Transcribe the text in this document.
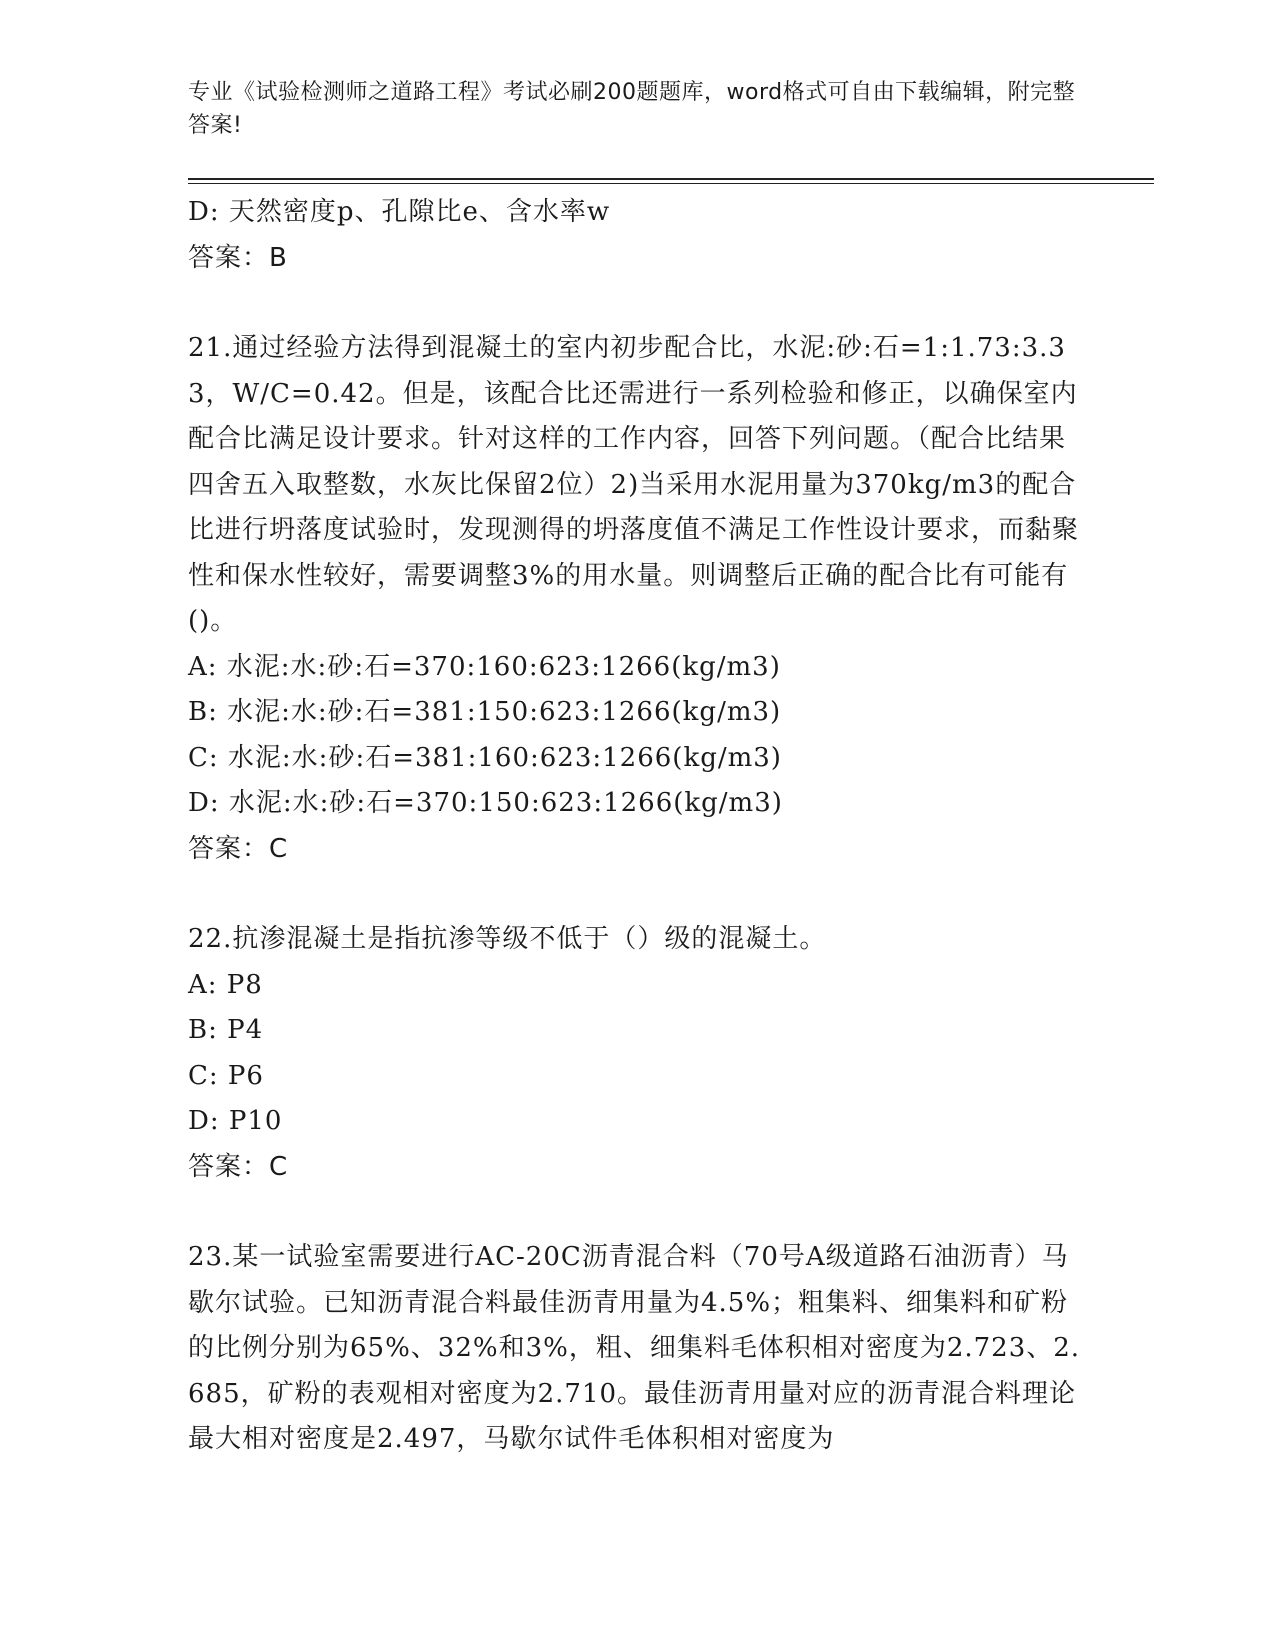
专业《试验检测师之道路工程》考试必刷200题题库，word格式可自由下载编辑，附完整答案!

D: 天然密度p、孔隙比e、含水率w

答案：B

21.通过经验方法得到混凝土的室内初步配合比，水泥:砂:石=1:1.73:3.33，W/C=0.42。但是，该配合比还需进行一系列检验和修正，以确保室内配合比满足设计要求。针对这样的工作内容，回答下列问题。（配合比结果四舍五入取整数，水灰比保留2位）2)当采用水泥用量为370kg/m3的配合比进行坍落度试验时，发现测得的坍落度值不满足工作性设计要求，而黏聚性和保水性较好，需要调整3%的用水量。则调整后正确的配合比有可能有()。

A: 水泥:水:砂:石=370:160:623:1266(kg/m3)

B: 水泥:水:砂:石=381:150:623:1266(kg/m3)

C: 水泥:水:砂:石=381:160:623:1266(kg/m3)

D: 水泥:水:砂:石=370:150:623:1266(kg/m3)

答案：C

22.抗渗混凝土是指抗渗等级不低于（）级的混凝土。

A: P8

B: P4

C: P6

D: P10

答案：C

23.某一试验室需要进行AC-20C沥青混合料（70号A级道路石油沥青）马歇尔试验。已知沥青混合料最佳沥青用量为4.5%；粗集料、细集料和矿粉的比例分别为65%、32%和3%，粗、细集料毛体积相对密度为2.723、2.685，矿粉的表观相对密度为2.710。最佳沥青用量对应的沥青混合料理论最大相对密度是2.497，马歇尔试件毛体积相对密度为
